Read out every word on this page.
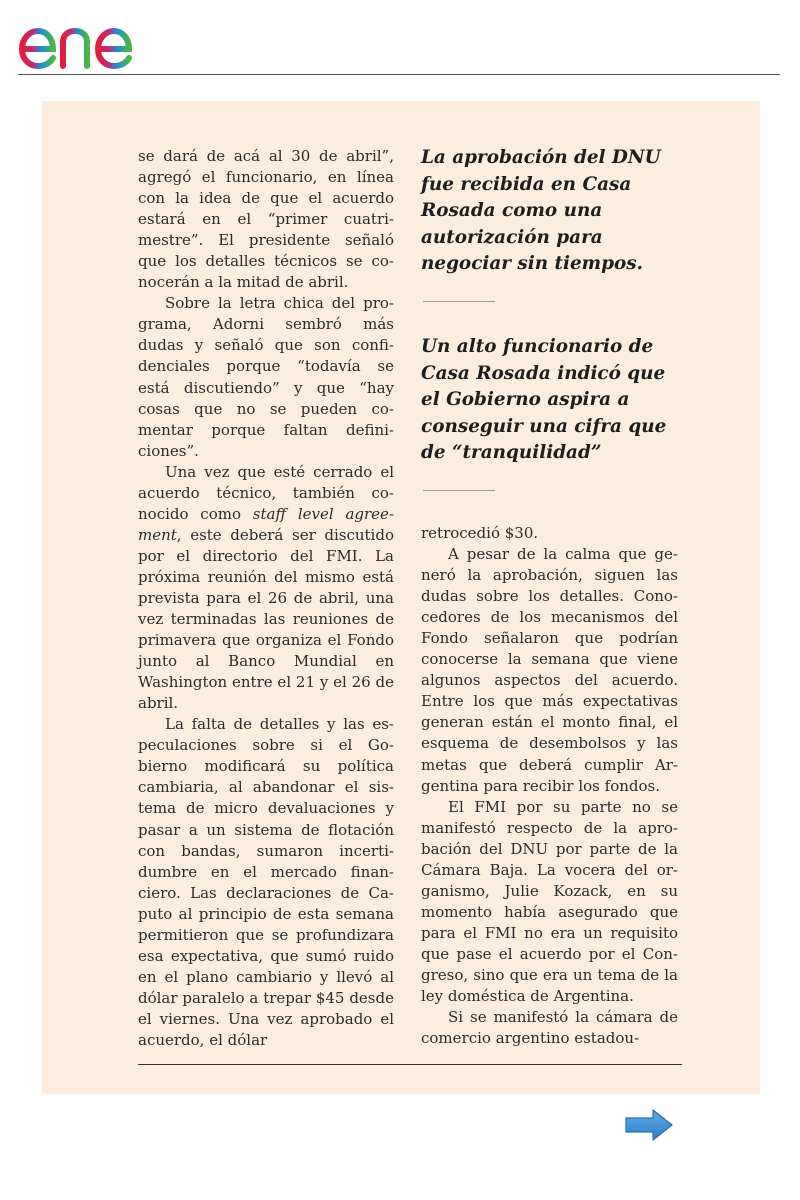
se dará de acá al 30 de abril”, agregó el funcionario, en línea con la idea de que el acuerdo estará en el “primer cuatrimestre”. El presidente señaló que los detalles técnicos se conocerán a la mitad de abril.

Sobre la letra chica del programa, Adorni sembró más dudas y señaló que son confidenciales porque “todavía se está discutiendo” y que “hay cosas que no se pueden comentar porque faltan definiciones”.

Una vez que esté cerrado el acuerdo técnico, también conocido como staff level agreement, este deberá ser discutido por el directorio del FMI. La próxima reunión del mismo está prevista para el 26 de abril, una vez terminadas las reuniones de primavera que organiza el Fondo junto al Banco Mundial en Washington entre el 21 y el 26 de abril.

La falta de detalles y las especulaciones sobre si el Gobierno modificará su política cambiaria, al abandonar el sistema de micro devaluaciones y pasar a un sistema de flotación con bandas, sumaron incertidumbre en el mercado financiero. Las declaraciones de Caputo al principio de esta semana permitieron que se profundizara esa expectativa, que sumó ruido en el plano cambiario y llevó al dólar paralelo a trepar $45 desde el viernes. Una vez aprobado el acuerdo, el dólar

La aprobación del DNU fue recibida en Casa Rosada como una autorización para negociar sin tiempos.
Un alto funcionario de Casa Rosada indicó que el Gobierno aspira a conseguir una cifra que de “tranquilidad”

retrocedió $30.

A pesar de la calma que generó la aprobación, siguen las dudas sobre los detalles. Conocedores de los mecanismos del Fondo señalaron que podrían conocerse la semana que viene algunos aspectos del acuerdo. Entre los que más expectativas generan están el monto final, el esquema de desembolsos y las metas que deberá cumplir Argentina para recibir los fondos.

El FMI por su parte no se manifestó respecto de la aprobación del DNU por parte de la Cámara Baja. La vocera del organismo, Julie Kozack, en su momento había asegurado que para el FMI no era un requisito que pase el acuerdo por el Congreso, sino que era un tema de la ley doméstica de Argentina.

Si se manifestó la cámara de comercio argentino estadou-
